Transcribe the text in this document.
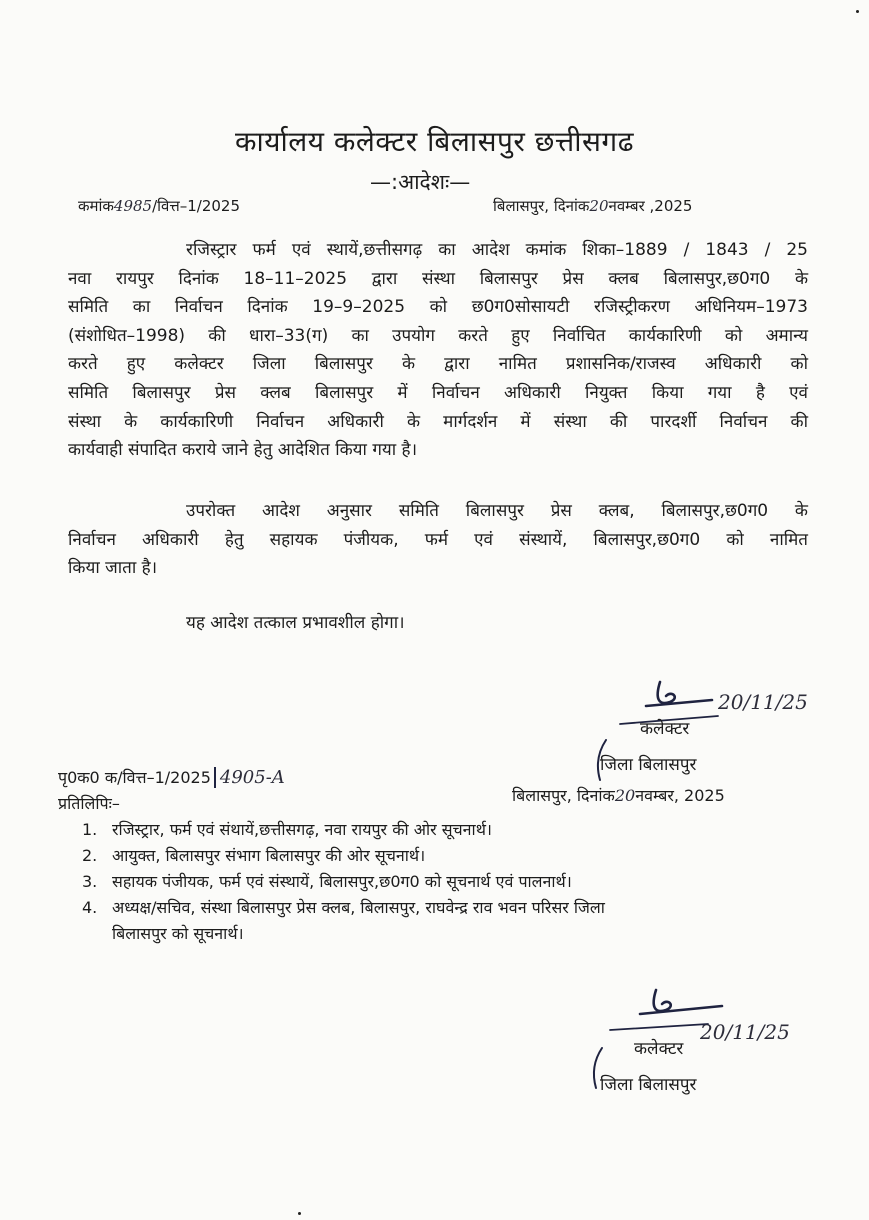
कार्यालय कलेक्टर बिलासपुर छत्तीसगढ
—:आदेशः—
कमांक4985/वित्त–1/2025	बिलासपुर, दिनांक20नवम्बर ,2025
रजिस्ट्रार फर्म एवं स्थायें,छत्तीसगढ़ का आदेश कमांक शिका–1889 / 1843 / 25
नवा रायपुर दिनांक 18–11–2025 द्वारा संस्था बिलासपुर प्रेस क्लब बिलासपुर,छ0ग0 के
समिति का निर्वाचन दिनांक 19–9–2025 को छ0ग0सोसायटी रजिस्ट्रीकरण अधिनियम–1973
(संशोधित–1998) की धारा–33(ग) का उपयोग करते हुए निर्वाचित कार्यकारिणी को अमान्य
करते हुए कलेक्टर जिला बिलासपुर के द्वारा नामित प्रशासनिक/राजस्व अधिकारी को
समिति बिलासपुर प्रेस क्लब बिलासपुर में निर्वाचन अधिकारी नियुक्त किया गया है एवं
संस्था के कार्यकारिणी निर्वाचन अधिकारी के मार्गदर्शन में संस्था की पारदर्शी निर्वाचन की
कार्यवाही संपादित कराये जाने हेतु आदेशित किया गया है।
उपरोक्त आदेश अनुसार समिति बिलासपुर प्रेस क्लब, बिलासपुर,छ0ग0 के
निर्वाचन अधिकारी हेतु सहायक पंजीयक, फर्म एवं संस्थायें, बिलासपुर,छ0ग0 को नामित
किया जाता है।
यह आदेश तत्काल प्रभावशील होगा।
20/11/25
कलेक्टर
जिला बिलासपुर
पृ0क0 क/वित्त–1/2025 4905-A
बिलासपुर, दिनांक20नवम्बर, 2025
प्रतिलिपिः–
1. रजिस्ट्रार, फर्म एवं संथायें,छत्तीसगढ़, नवा रायपुर की ओर सूचनार्थ।
2. आयुक्त, बिलासपुर संभाग बिलासपुर की ओर सूचनार्थ।
3. सहायक पंजीयक, फर्म एवं संस्थायें, बिलासपुर,छ0ग0 को सूचनार्थ एवं पालनार्थ।
4. अध्यक्ष/सचिव, संस्था बिलासपुर प्रेस क्लब, बिलासपुर, राघवेन्द्र राव भवन परिसर जिला
बिलासपुर को सूचनार्थ।
20/11/25
कलेक्टर
जिला बिलासपुर
